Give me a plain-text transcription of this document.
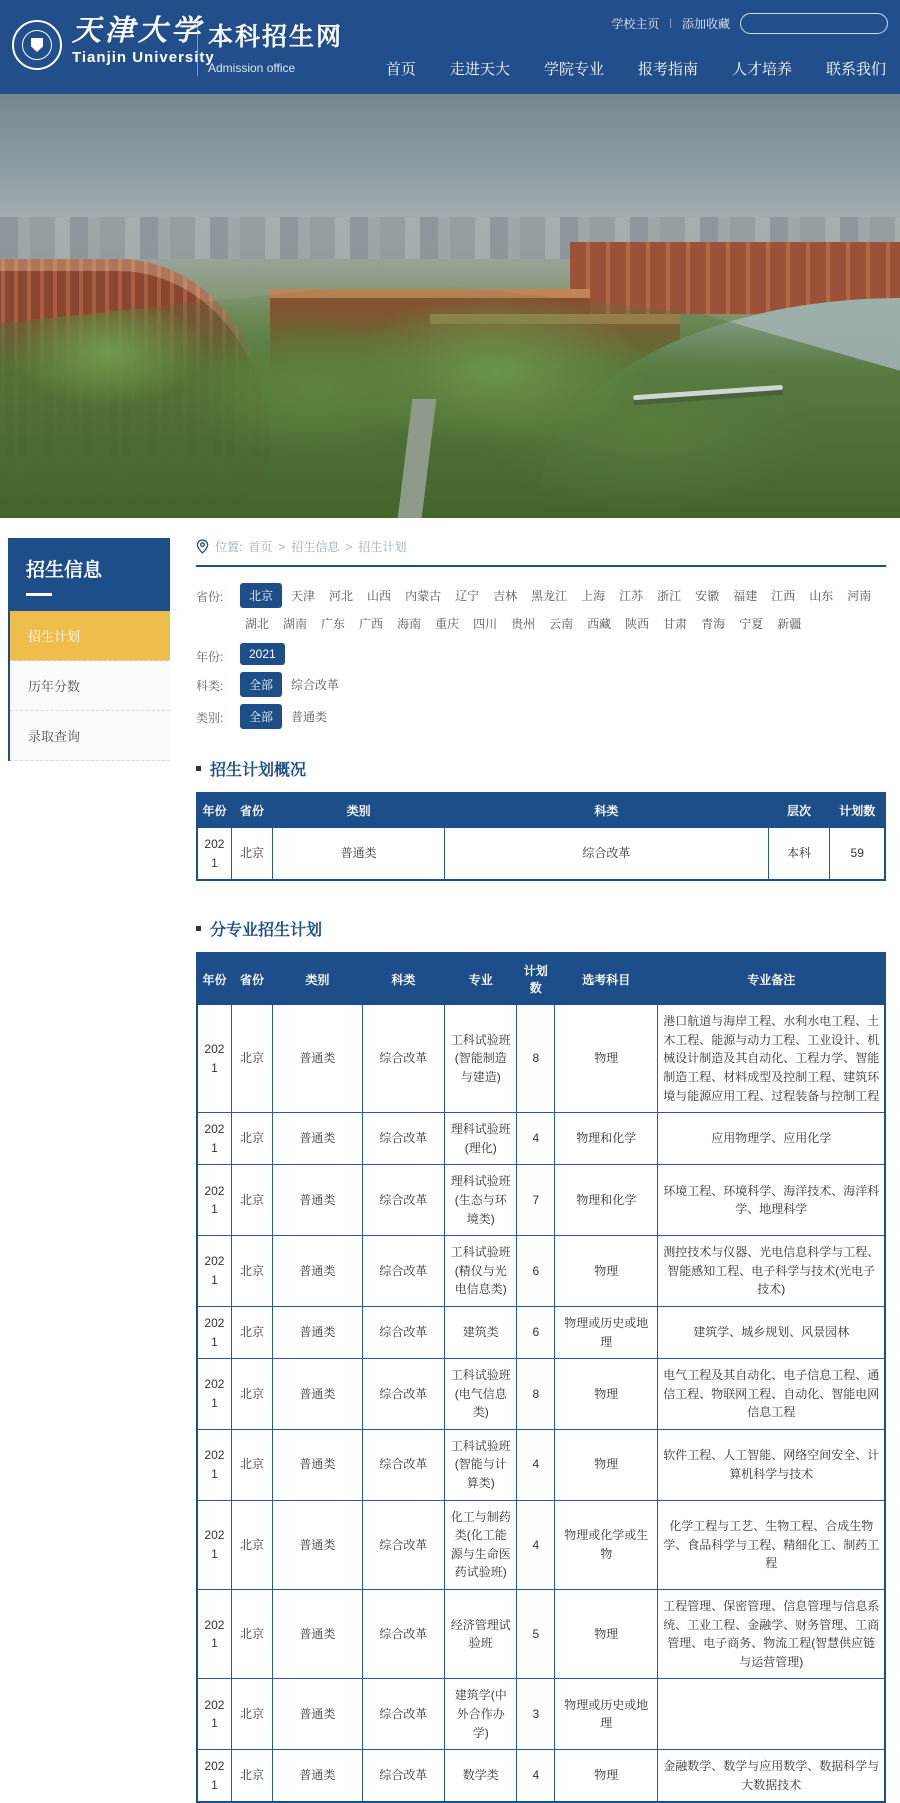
天津大学
Tianjin University
本科招生网
Admission office
学校主页 | 添加收藏
首页 走进天大 学院专业 报考指南 人才培养 联系我们
招生信息
招生计划
历年分数
录取查询
位置: 首页 > 招生信息 > 招生计划
省份:	北京	天津	河北	山西	内蒙古	辽宁	吉林	黑龙江	上海	江苏	浙江	安徽	福建	江西	山东	河南
湖北	湖南	广东	广西	海南	重庆	四川	贵州	云南	西藏	陕西	甘肃	青海	宁夏	新疆
年份:	2021
科类:	全部	综合改革
类别:	全部	普通类
招生计划概况
年份	省份	类别	科类	层次	计划数
2021	北京	普通类	综合改革	本科	59
分专业招生计划
年份	省份	类别	科类	专业	计划数	选考科目	专业备注
2021	北京	普通类	综合改革	工科试验班(智能制造与建造)	8	物理	港口航道与海岸工程、水利水电工程、土木工程、能源与动力工程、工业设计、机械设计制造及其自动化、工程力学、智能制造工程、材料成型及控制工程、建筑环境与能源应用工程、过程装备与控制工程
2021	北京	普通类	综合改革	理科试验班(理化)	4	物理和化学	应用物理学、应用化学
2021	北京	普通类	综合改革	理科试验班(生态与环境类)	7	物理和化学	环境工程、环境科学、海洋技术、海洋科学、地理科学
2021	北京	普通类	综合改革	工科试验班(精仪与光电信息类)	6	物理	测控技术与仪器、光电信息科学与工程、智能感知工程、电子科学与技术(光电子技术)
2021	北京	普通类	综合改革	建筑类	6	物理或历史或地理	建筑学、城乡规划、风景园林
2021	北京	普通类	综合改革	工科试验班(电气信息类)	8	物理	电气工程及其自动化、电子信息工程、通信工程、物联网工程、自动化、智能电网信息工程
2021	北京	普通类	综合改革	工科试验班(智能与计算类)	4	物理	软件工程、人工智能、网络空间安全、计算机科学与技术
2021	北京	普通类	综合改革	化工与制药类(化工能源与生命医药试验班)	4	物理或化学或生物	化学工程与工艺、生物工程、合成生物学、食品科学与工程、精细化工、制药工程
2021	北京	普通类	综合改革	经济管理试验班	5	物理	工程管理、保密管理、信息管理与信息系统、工业工程、金融学、财务管理、工商管理、电子商务、物流工程(智慧供应链与运营管理)
2021	北京	普通类	综合改革	建筑学(中外合作办学)	3	物理或历史或地理	
2021	北京	普通类	综合改革	数学类	4	物理	金融数学、数学与应用数学、数据科学与大数据技术
